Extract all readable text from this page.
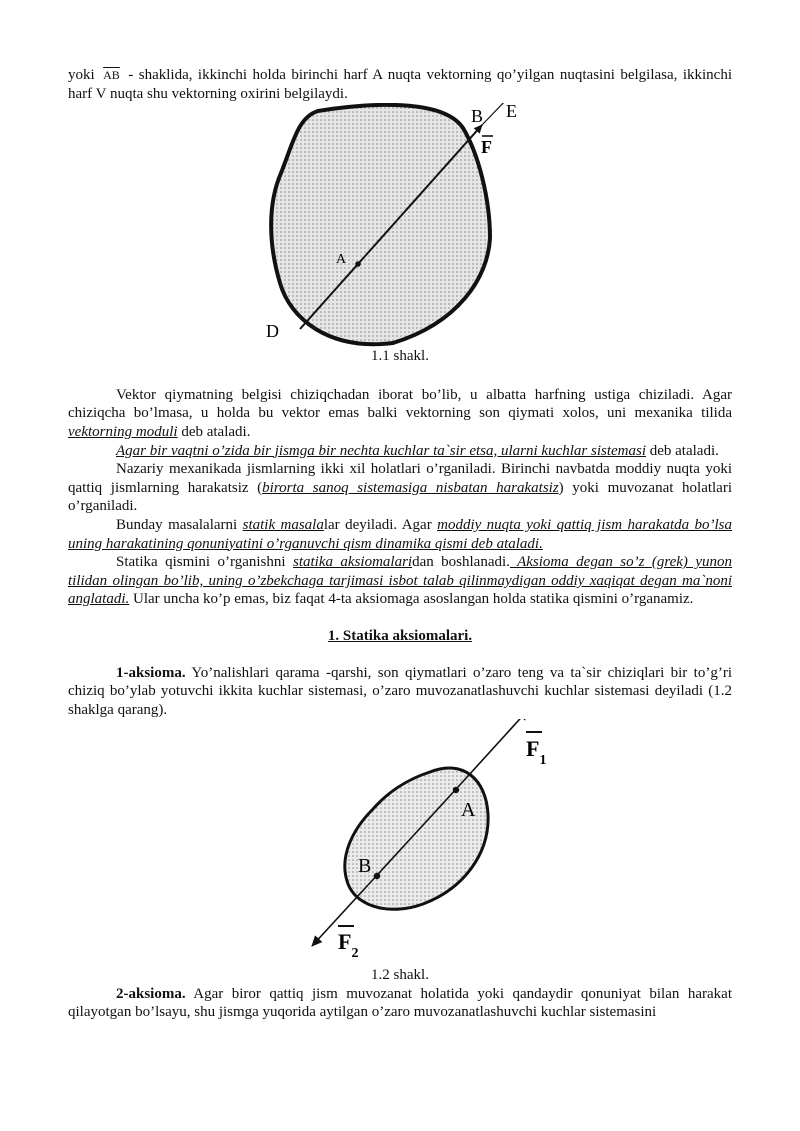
yoki $\overline{AB}$ - shaklida, ikkinchi holda birinchi harf A nuqta vektorning qo’yilgan nuqtasini belgilasa, ikkinchi harf V nuqta shu vektorning oxirini belgilaydi.

B E
F
A
D

1.1 shakl.

Vektor qiymatning belgisi chiziqchadan iborat bo’lib, u albatta harfning ustiga chiziladi. Agar chiziqcha bo’lmasa, u holda bu vektor emas balki vektorning son qiymati xolos, uni mexanika tilida vektorning moduli deb ataladi.

Agar bir vaqtni o’zida bir jismga bir nechta kuchlar ta`sir etsa, ularni kuchlar sistemasi deb ataladi.

Nazariy mexanikada jismlarning ikki xil holatlari o’rganiladi. Birinchi navbatda moddiy nuqta yoki qattiq jismlarning harakatsiz (birorta sanoq sistemasiga nisbatan harakatsiz) yoki muvozanat holatlari o’rganiladi.

Bunday masalalarni statik masalalar deyiladi. Agar moddiy nuqta yoki qattiq jism harakatda bo’lsa uning harakatining qonuniyatini o’rganuvchi qism dinamika qismi deb ataladi.

Statika qismini o’rganishni statika aksiomalaridan boshlanadi. Aksioma degan so’z (grek) yunon tilidan olingan bo’lib, uning o’zbekchaga tarjimasi isbot talab qilinmaydigan oddiy xaqiqat degan ma`noni anglatadi. Ular uncha ko’p emas, biz faqat 4-ta aksiomaga asoslangan holda statika qismini o’rganamiz.

1. Statika aksiomalari.

1-aksioma. Yo’nalishlari qarama -qarshi, son qiymatlari o’zaro teng va ta`sir chiziqlari bir to’g’ri chiziq bo’ylab yotuvchi ikkita kuchlar sistemasi, o’zaro muvozanatlashuvchi kuchlar sistemasi deyiladi (1.2 shaklga qarang).

$F_1$
A
B
$F_2$

1.2 shakl.

2-aksioma. Agar biror qattiq jism muvozanat holatida yoki qandaydir qonuniyat bilan harakat qilayotgan bo’lsayu, shu jismga yuqorida aytilgan o’zaro muvozanatlashuvchi kuchlar sistemasini
